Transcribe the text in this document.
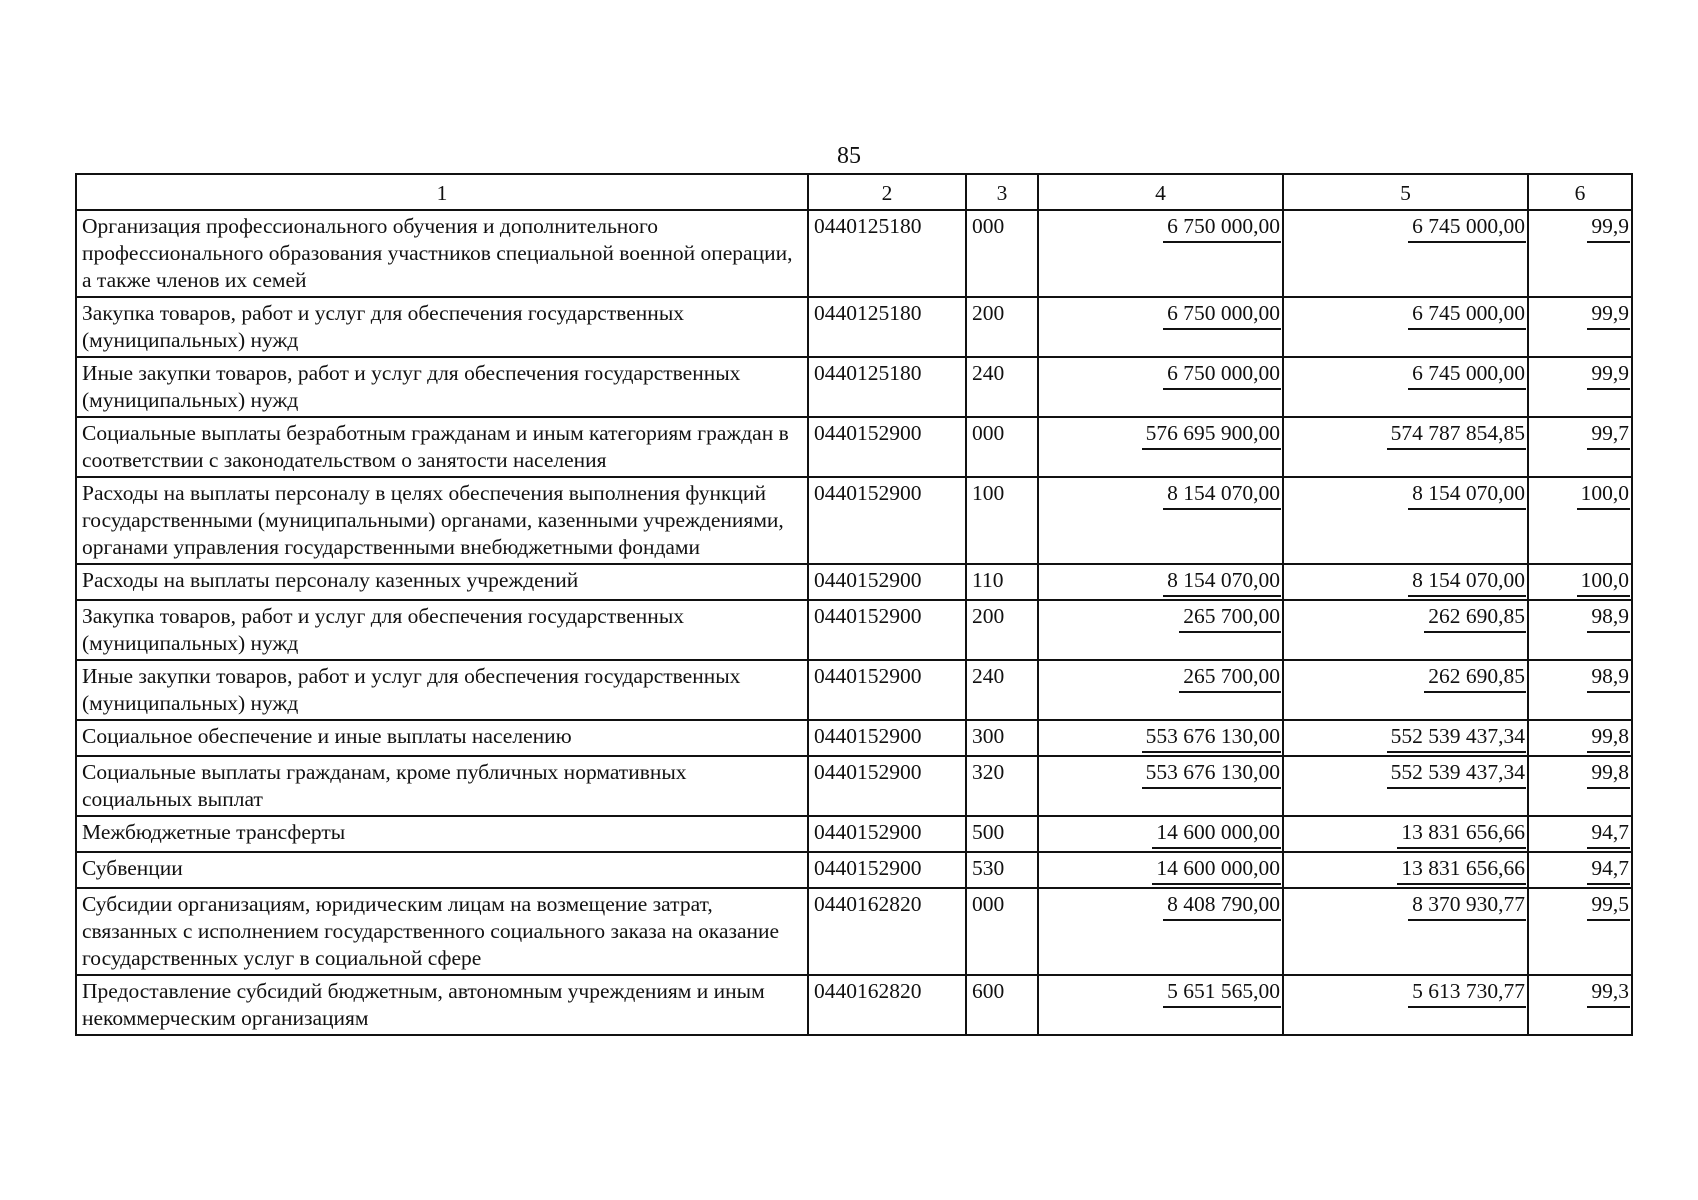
85
1	2	3	4	5	6
Организация профессионального обучения и дополнительного профессионального образования участников специальной военной операции, а также членов их семей	0440125180	000	6 750 000,00	6 745 000,00	99,9
Закупка товаров, работ и услуг для обеспечения государственных (муниципальных) нужд	0440125180	200	6 750 000,00	6 745 000,00	99,9
Иные закупки товаров, работ и услуг для обеспечения государственных (муниципальных) нужд	0440125180	240	6 750 000,00	6 745 000,00	99,9
Социальные выплаты безработным гражданам и иным категориям граждан в соответствии с законодательством о занятости населения	0440152900	000	576 695 900,00	574 787 854,85	99,7
Расходы на выплаты персоналу в целях обеспечения выполнения функций государственными (муниципальными) органами, казенными учреждениями, органами управления государственными внебюджетными фондами	0440152900	100	8 154 070,00	8 154 070,00	100,0
Расходы на выплаты персоналу казенных учреждений	0440152900	110	8 154 070,00	8 154 070,00	100,0
Закупка товаров, работ и услуг для обеспечения государственных (муниципальных) нужд	0440152900	200	265 700,00	262 690,85	98,9
Иные закупки товаров, работ и услуг для обеспечения государственных (муниципальных) нужд	0440152900	240	265 700,00	262 690,85	98,9
Социальное обеспечение и иные выплаты населению	0440152900	300	553 676 130,00	552 539 437,34	99,8
Социальные выплаты гражданам, кроме публичных нормативных социальных выплат	0440152900	320	553 676 130,00	552 539 437,34	99,8
Межбюджетные трансферты	0440152900	500	14 600 000,00	13 831 656,66	94,7
Субвенции	0440152900	530	14 600 000,00	13 831 656,66	94,7
Субсидии организациям, юридическим лицам на возмещение затрат, связанных с исполнением государственного социального заказа на оказание государственных услуг в социальной сфере	0440162820	000	8 408 790,00	8 370 930,77	99,5
Предоставление субсидий бюджетным, автономным учреждениям и иным некоммерческим организациям	0440162820	600	5 651 565,00	5 613 730,77	99,3
